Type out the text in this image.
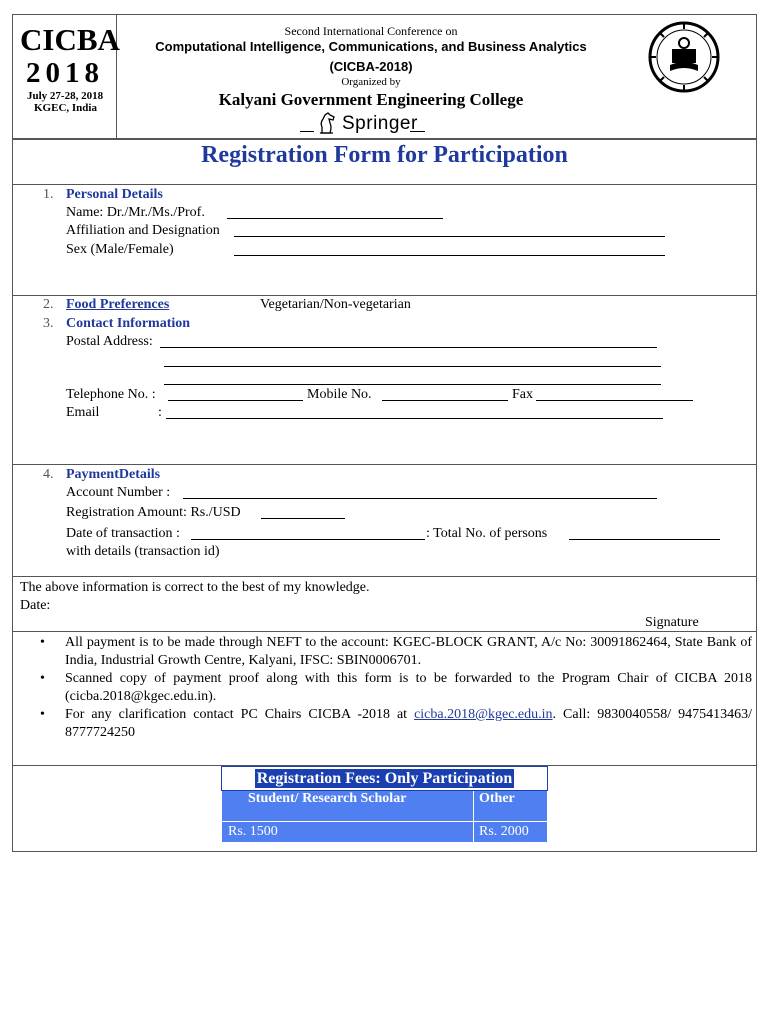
CICBA
2018
July 27-28, 2018
KGEC, India
Second International Conference on
Computational Intelligence, Communications, and Business Analytics
(CICBA-2018)
Organized by
Kalyani Government Engineering College
Springer
Registration Form for Participation
1. Personal Details
Name: Dr./Mr./Ms./Prof.
Affiliation and Designation
Sex (Male/Female)
2. Food Preferences	Vegetarian/Non-vegetarian
3. Contact Information
Postal Address:
Telephone No. :	Mobile No.	Fax
Email	:
4. PaymentDetails
Account Number :
Registration Amount: Rs./USD
Date of transaction :	: Total No. of persons
with details (transaction id)
The above information is correct to the best of my knowledge.
Date:
Signature
• All payment is to be made through NEFT to the account: KGEC-BLOCK GRANT, A/c No: 30091862464, State Bank of India, Industrial Growth Centre, Kalyani, IFSC: SBIN0006701.
• Scanned copy of payment proof along with this form is to be forwarded to the Program Chair of CICBA 2018 (cicba.2018@kgec.edu.in).
• For any clarification contact PC Chairs CICBA -2018 at cicba.2018@kgec.edu.in. Call: 9830040558/ 9475413463/ 8777724250
Registration Fees: Only Participation	
Student/ Research Scholar	Other
Rs. 1500	Rs. 2000
